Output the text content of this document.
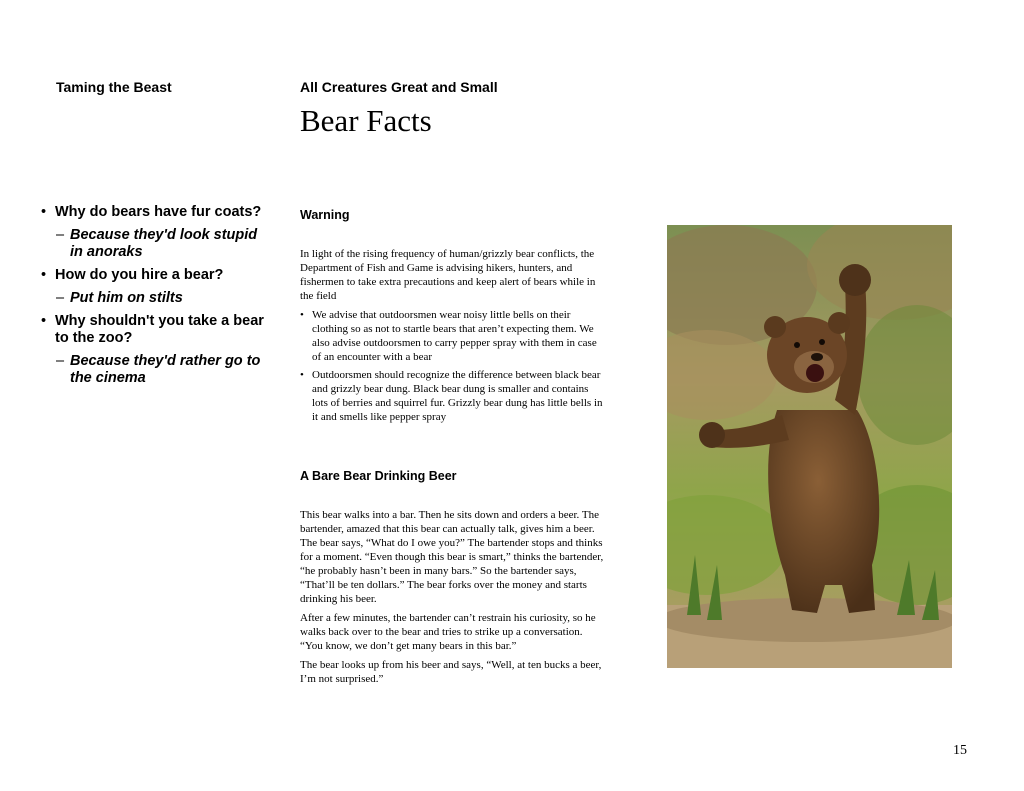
Taming the Beast	All Creatures Great and Small
Bear Facts
• Why do bears have fur coats?
– Because they'd look stupid in anoraks
• How do you hire a bear?
– Put him on stilts
• Why shouldn't you take a bear to the zoo?
– Because they'd rather go to the cinema
Warning

In light of the rising frequency of human/grizzly bear conflicts, the Department of Fish and Game is advising hikers, hunters, and fishermen to take extra precautions and keep alert of bears while in the field

• We advise that outdoorsmen wear noisy little bells on their clothing so as not to startle bears that aren’t expecting them. We also advise outdoorsmen to carry pepper spray with them in case of an encounter with a bear
• Outdoorsmen should recognize the difference between black bear and grizzly bear dung. Black bear dung is smaller and contains lots of berries and squirrel fur. Grizzly bear dung has little bells in it and smells like pepper spray
A Bare Bear Drinking Beer

This bear walks into a bar. Then he sits down and orders a beer. The bartender, amazed that this bear can actually talk, gives him a beer. The bear says, “What do I owe you?” The bartender stops and thinks for a moment. “Even though this bear is smart,” thinks the bartender, “he probably hasn’t been in many bars.” So the bartender says, “That’ll be ten dollars.” The bear forks over the money and starts drinking his beer.

After a few minutes, the bartender can’t restrain his curiosity, so he walks back over to the bear and tries to strike up a conversation. “You know, we don’t get many bears in this bar.”

The bear looks up from his beer and says, “Well, at ten bucks a beer, I’m not surprised.”

15
